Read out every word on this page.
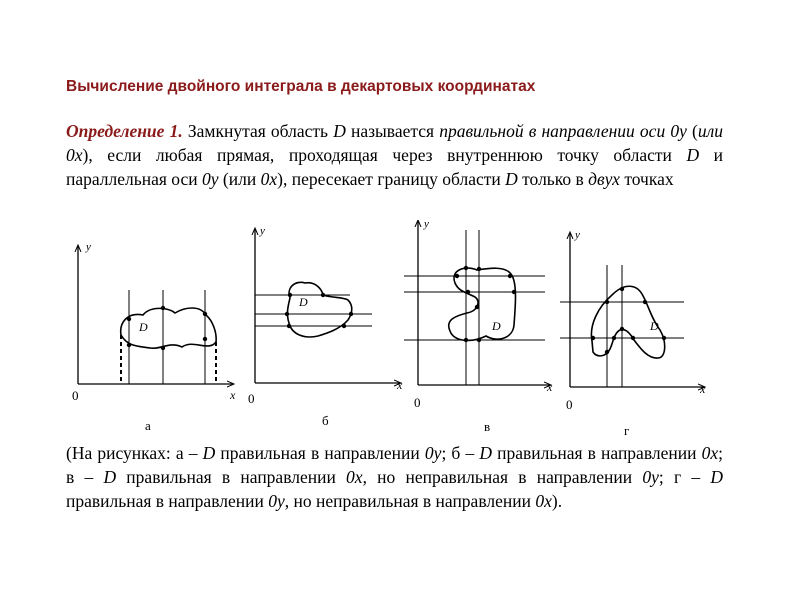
Вычисление двойного интеграла в декартовых координатах
Определение 1. Замкнутая область D называется правильной в направлении оси 0y (или 0x), если любая прямая, проходящая через внутреннюю точку области D и параллельная оси 0y (или 0x), пересекает границу области D только в двух точках
y
x
0
D
а
y
x
0
D
б
y
x
0
D
в
y
x
0
D
г
(На рисунках: а – D правильная в направлении 0y; б – D правильная в направлении 0x; в – D правильная в направлении 0x, но неправильная в направлении 0y; г – D правильная в направлении 0y, но неправильная в направлении 0x).
